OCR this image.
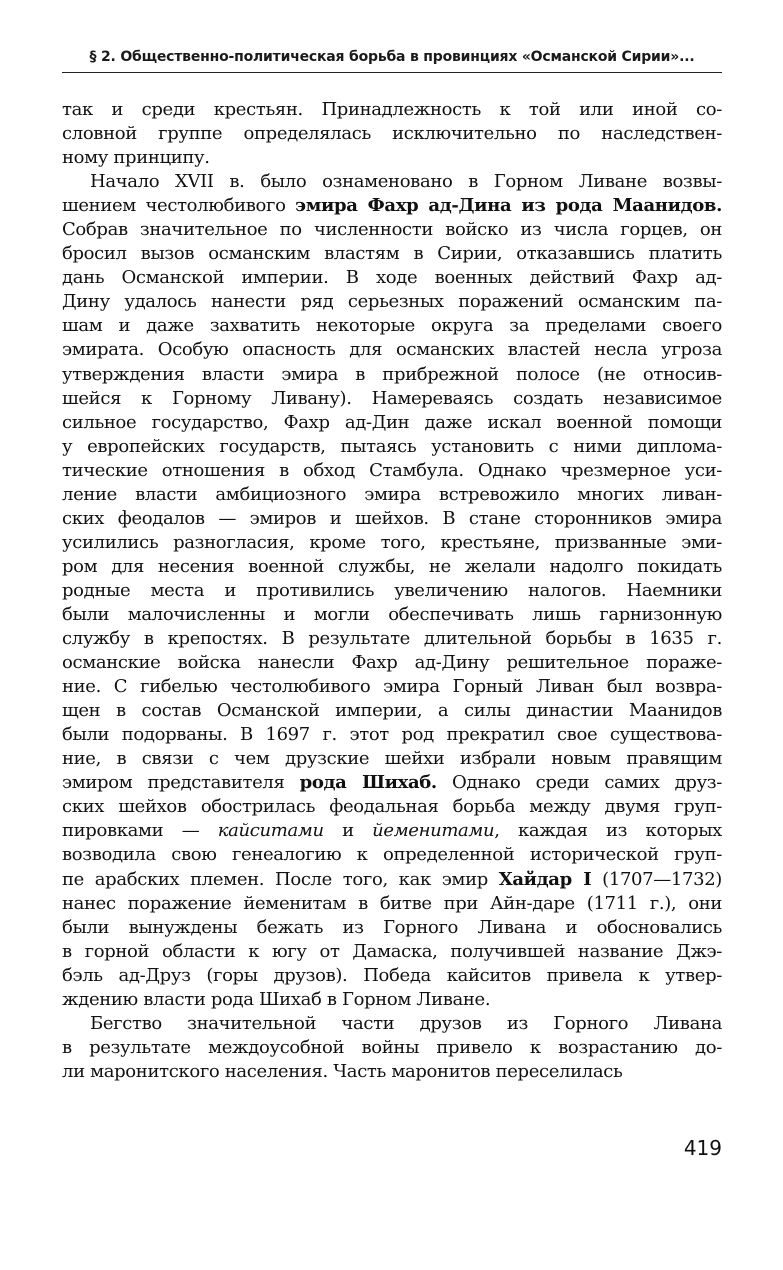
§ 2. Общественно-политическая борьба в провинциях «Османской Сирии»...
так и среди крестьян. Принадлежность к той или иной со-
словной группе определялась исключительно по наследствен-
ному принципу.
Начало XVII в. было ознаменовано в Горном Ливане возвы-
шением честолюбивого эмира Фахр ад-Дина из рода Мaанидов.
Собрав значительное по численности войско из числа горцев, он
бросил вызов османским властям в Сирии, отказавшись платить
дань Османской империи. В ходе военных действий Фахр ад-
Дину удалось нанести ряд серьезных поражений османским па-
шам и даже захватить некоторые округа за пределами своего
эмирата. Особую опасность для османских властей несла угроза
утверждения власти эмира в прибрежной полосе (не относив-
шейся к Горному Ливану). Намереваясь создать независимое
сильное государство, Фахр ад-Дин даже искал военной помощи
у европейских государств, пытаясь установить с ними диплома-
тические отношения в обход Стамбула. Однако чрезмерное уси-
ление власти амбициозного эмира встревожило многих ливан-
ских феодалов — эмиров и шейхов. В стане сторонников эмира
усилились разногласия, кроме того, крестьяне, призванные эми-
ром для несения военной службы, не желали надолго покидать
родные места и противились увеличению налогов. Наемники
были малочисленны и могли обеспечивать лишь гарнизонную
службу в крепостях. В результате длительной борьбы в 1635 г.
османские войска нанесли Фахр ад-Дину решительное пораже-
ние. С гибелью честолюбивого эмира Горный Ливан был возвра-
щен в состав Османской империи, а силы династии Мaанидов
были подорваны. В 1697 г. этот род прекратил свое существова-
ние, в связи с чем друзские шейхи избрали новым правящим
эмиром представителя рода Шихаб. Однако среди самих друз-
ских шейхов обострилась феодальная борьба между двумя груп-
пировками — кайситами и йеменитами, каждая из которых
возводила свою генеалогию к определенной исторической груп-
пе арабских племен. После того, как эмир Хайдар I (1707—1732)
нанес поражение йеменитам в битве при Айн-даре (1711 г.), они
были вынуждены бежать из Горного Ливана и обосновались
в горной области к югу от Дамаска, получившей название Джэ-
бэль ад-Друз (горы друзов). Победа кайситов привела к утвер-
ждению власти рода Шихаб в Горном Ливане.
Бегство значительной части друзов из Горного Ливана
в результате междоусобной войны привело к возрастанию до-
ли маронитского населения. Часть маронитов переселилась
419
